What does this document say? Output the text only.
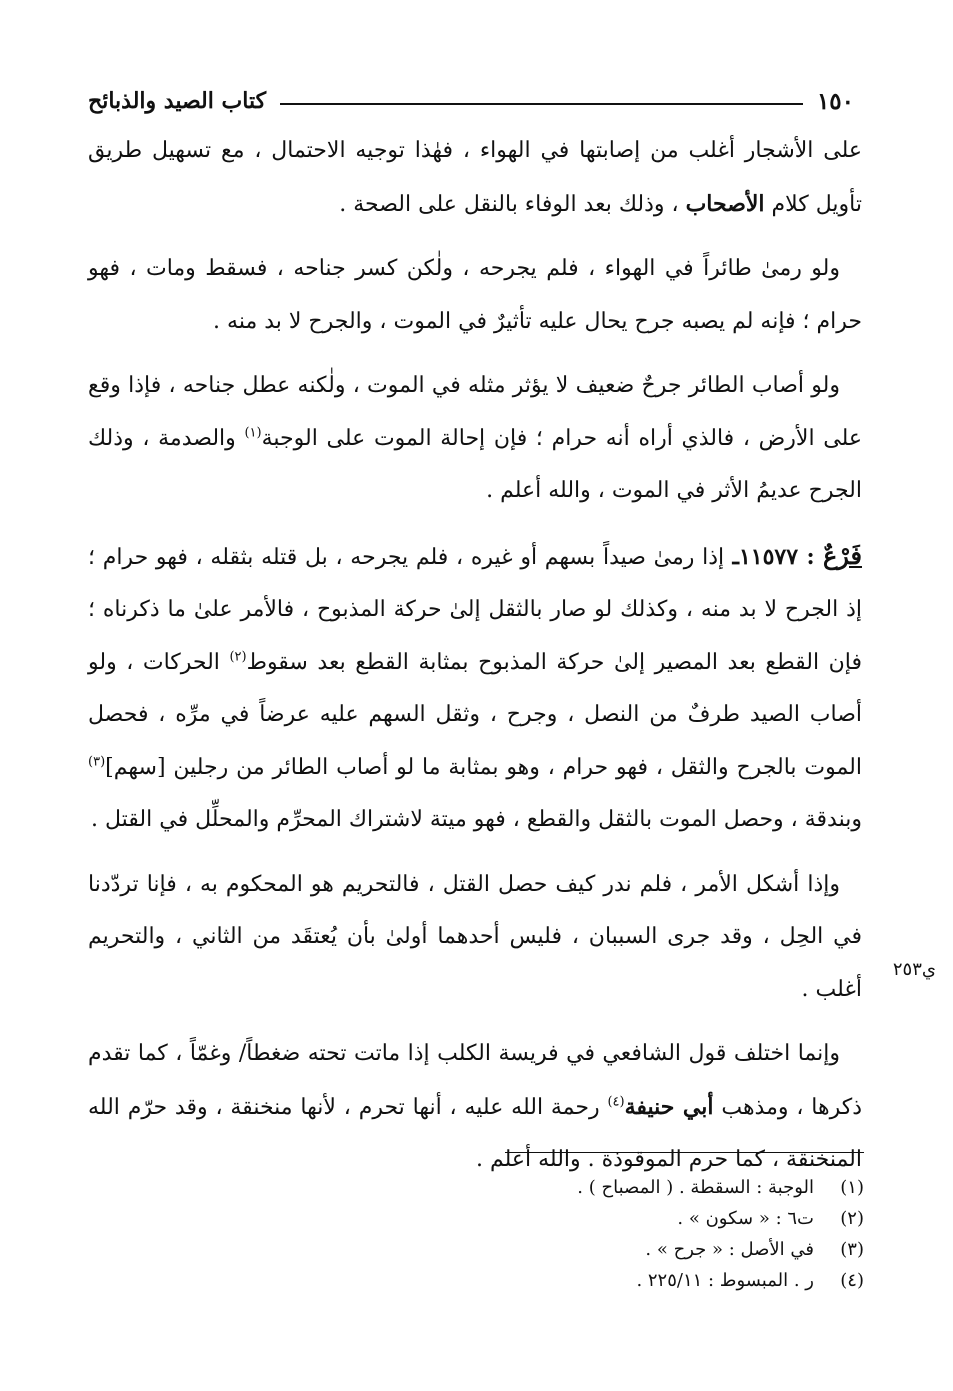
١٥٠
كتاب الصيد والذبائح

على الأشجار أغلب من إصابتها في الهواء ، فهٰذا توجيه الاحتمال ، مع تسهيل طريق تأويل كلام الأصحاب ، وذلك بعد الوفاء بالنقل على الصحة .

ولو رمىٰ طائراً في الهواء ، فلم يجرحه ، ولٰكن كسر جناحه ، فسقط ومات ، فهو حرام ؛ فإنه لم يصبه جرح يحال عليه تأثيرٌ في الموت ، والجرح لا بد منه .

ولو أصاب الطائر جرحٌ ضعيف لا يؤثر مثله في الموت ، ولٰكنه عطل جناحه ، فإذا وقع على الأرض ، فالذي أراه أنه حرام ؛ فإن إحالة الموت على الوجبة$^{(١)}$ والصدمة ، وذلك الجرح عديمُ الأثر في الموت ، والله أعلم .

فَرْعٌ : ١١٥٧٧ـ إذا رمىٰ صيداً بسهم أو غيره ، فلم يجرحه ، بل قتله بثقله ، فهو حرام ؛ إذ الجرح لا بد منه ، وكذلك لو صار بالثقل إلىٰ حركة المذبوح ، فالأمر علىٰ ما ذكرناه ؛ فإن القطع بعد المصير إلىٰ حركة المذبوح بمثابة القطع بعد سقوط$^{(٢)}$ الحركات ، ولو أصاب الصيد طرفٌ من النصل ، وجرح ، وثقل السهم عليه عرضاً في مرِّه ، فحصل الموت بالجرح والثقل ، فهو حرام ، وهو بمثابة ما لو أصاب الطائر من رجلين [سهم]$^{(٣)}$ وبندقة ، وحصل الموت بالثقل والقطع ، فهو ميتة لاشتراك المحرِّم والمحلِّل في القتل .

وإذا أشكل الأمر ، فلم ندر كيف حصل القتل ، فالتحريم هو المحكوم به ، فإنا تردّدنا في الحِل ، وقد جرى السببان ، فليس أحدهما أولىٰ بأن يُعتقَد من الثاني ، والتحريم أغلب .

وإنما اختلف قول الشافعي في فريسة الكلب إذا ماتت تحته ضغطاً/ وغمّاً ، كما تقدم ذكرها ، ومذهب أبي حنيفة$^{(٤)}$ رحمة الله عليه ، أنها تحرم ، لأنها منخنقة ، وقد حرّم الله المنخنقة ، كما حرم الموقوذة . والله أعلم .

ي٢٥٣
(١)
الوجبة : السقطة . ( المصباح ) .
(٢)
ت٦ : « سكون » .
(٣)
في الأصل : « جرح » .
(٤)
ر . المبسوط : ٢٢٥/١١ .
